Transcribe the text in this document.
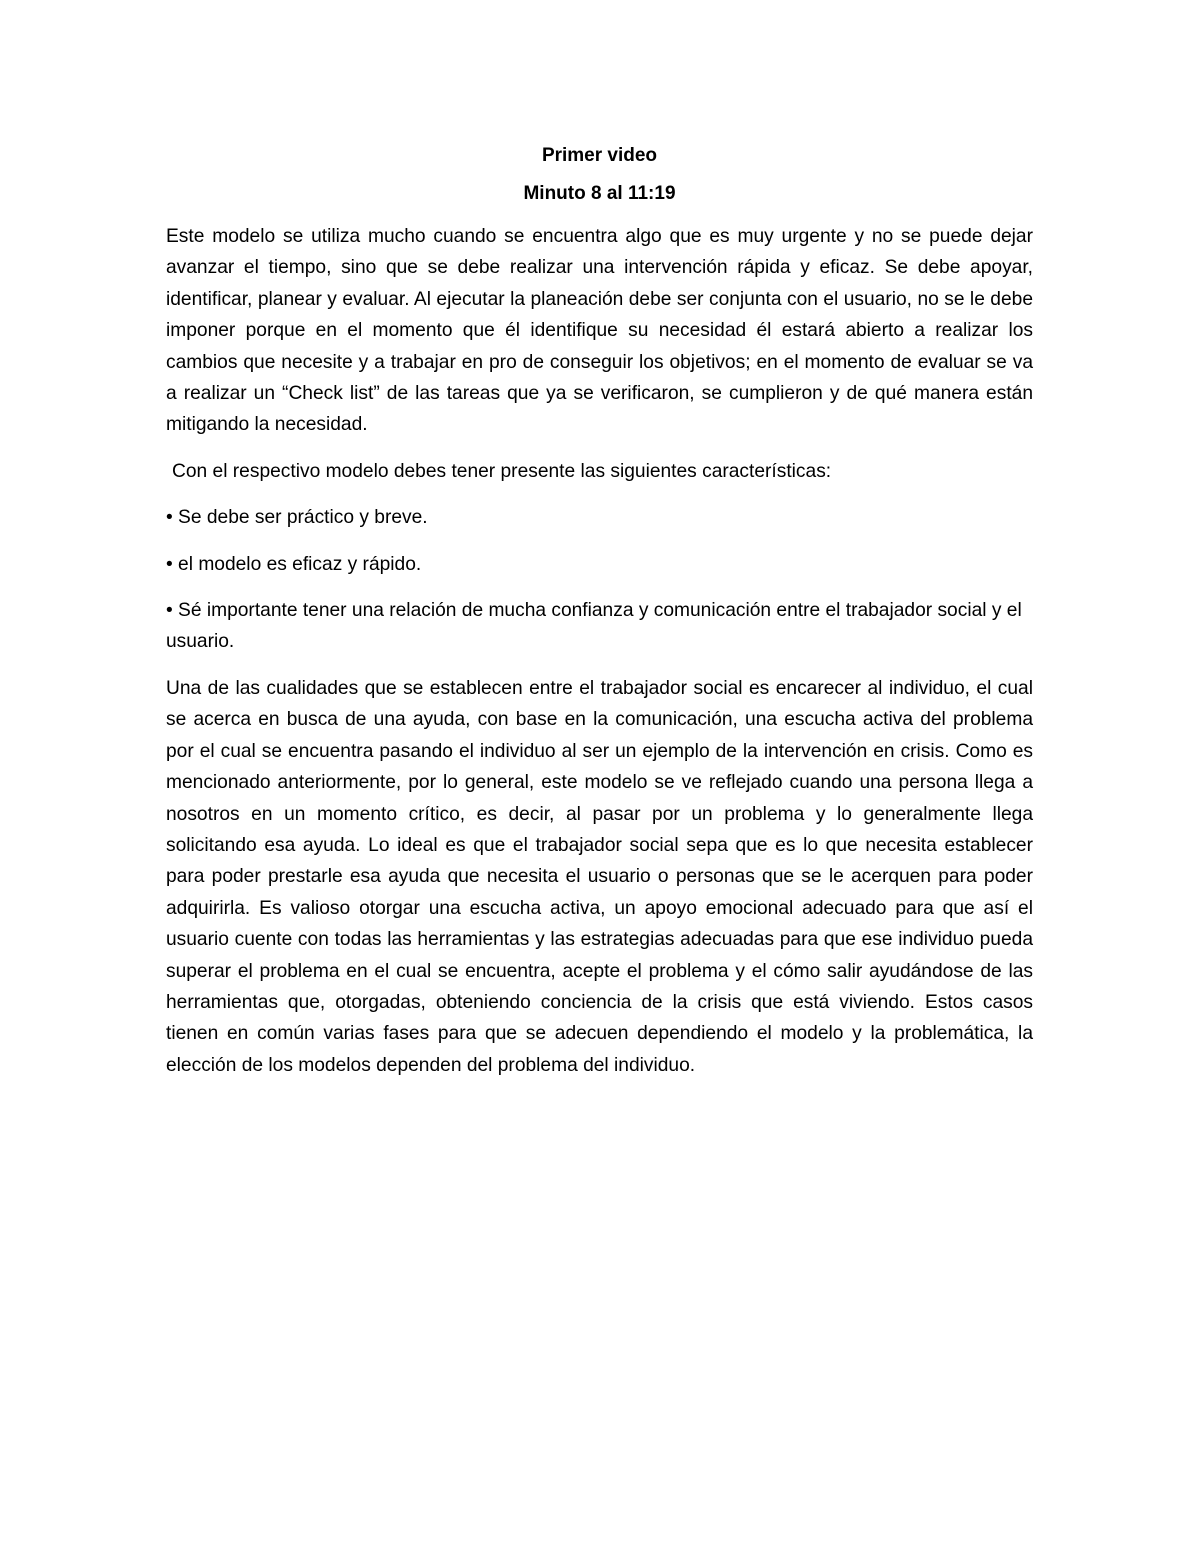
Primer video
Minuto 8 al 11:19

Este modelo se utiliza mucho cuando se encuentra algo que es muy urgente y no se puede dejar avanzar el tiempo, sino que se debe realizar una intervención rápida y eficaz. Se debe apoyar, identificar, planear y evaluar. Al ejecutar la planeación debe ser conjunta con el usuario, no se le debe imponer porque en el momento que él identifique su necesidad él estará abierto a realizar los cambios que necesite y a trabajar en pro de conseguir los objetivos; en el momento de evaluar se va a realizar un “Check list” de las tareas que ya se verificaron, se cumplieron y de qué manera están mitigando la necesidad.

Con el respectivo modelo debes tener presente las siguientes características:

• Se debe ser práctico y breve.

• el modelo es eficaz y rápido.

• Sé importante tener una relación de mucha confianza y comunicación entre el trabajador social y el usuario.

Una de las cualidades que se establecen entre el trabajador social es encarecer al individuo, el cual se acerca en busca de una ayuda, con base en la comunicación, una escucha activa del problema por el cual se encuentra pasando el individuo al ser un ejemplo de la intervención en crisis. Como es mencionado anteriormente, por lo general, este modelo se ve reflejado cuando una persona llega a nosotros en un momento crítico, es decir, al pasar por un problema y lo generalmente llega solicitando esa ayuda. Lo ideal es que el trabajador social sepa que es lo que necesita establecer para poder prestarle esa ayuda que necesita el usuario o personas que se le acerquen para poder adquirirla. Es valioso otorgar una escucha activa, un apoyo emocional adecuado para que así el usuario cuente con todas las herramientas y las estrategias adecuadas para que ese individuo pueda superar el problema en el cual se encuentra, acepte el problema y el cómo salir ayudándose de las herramientas que, otorgadas, obteniendo conciencia de la crisis que está viviendo. Estos casos tienen en común varias fases para que se adecuen dependiendo el modelo y la problemática, la elección de los modelos dependen del problema del individuo.
